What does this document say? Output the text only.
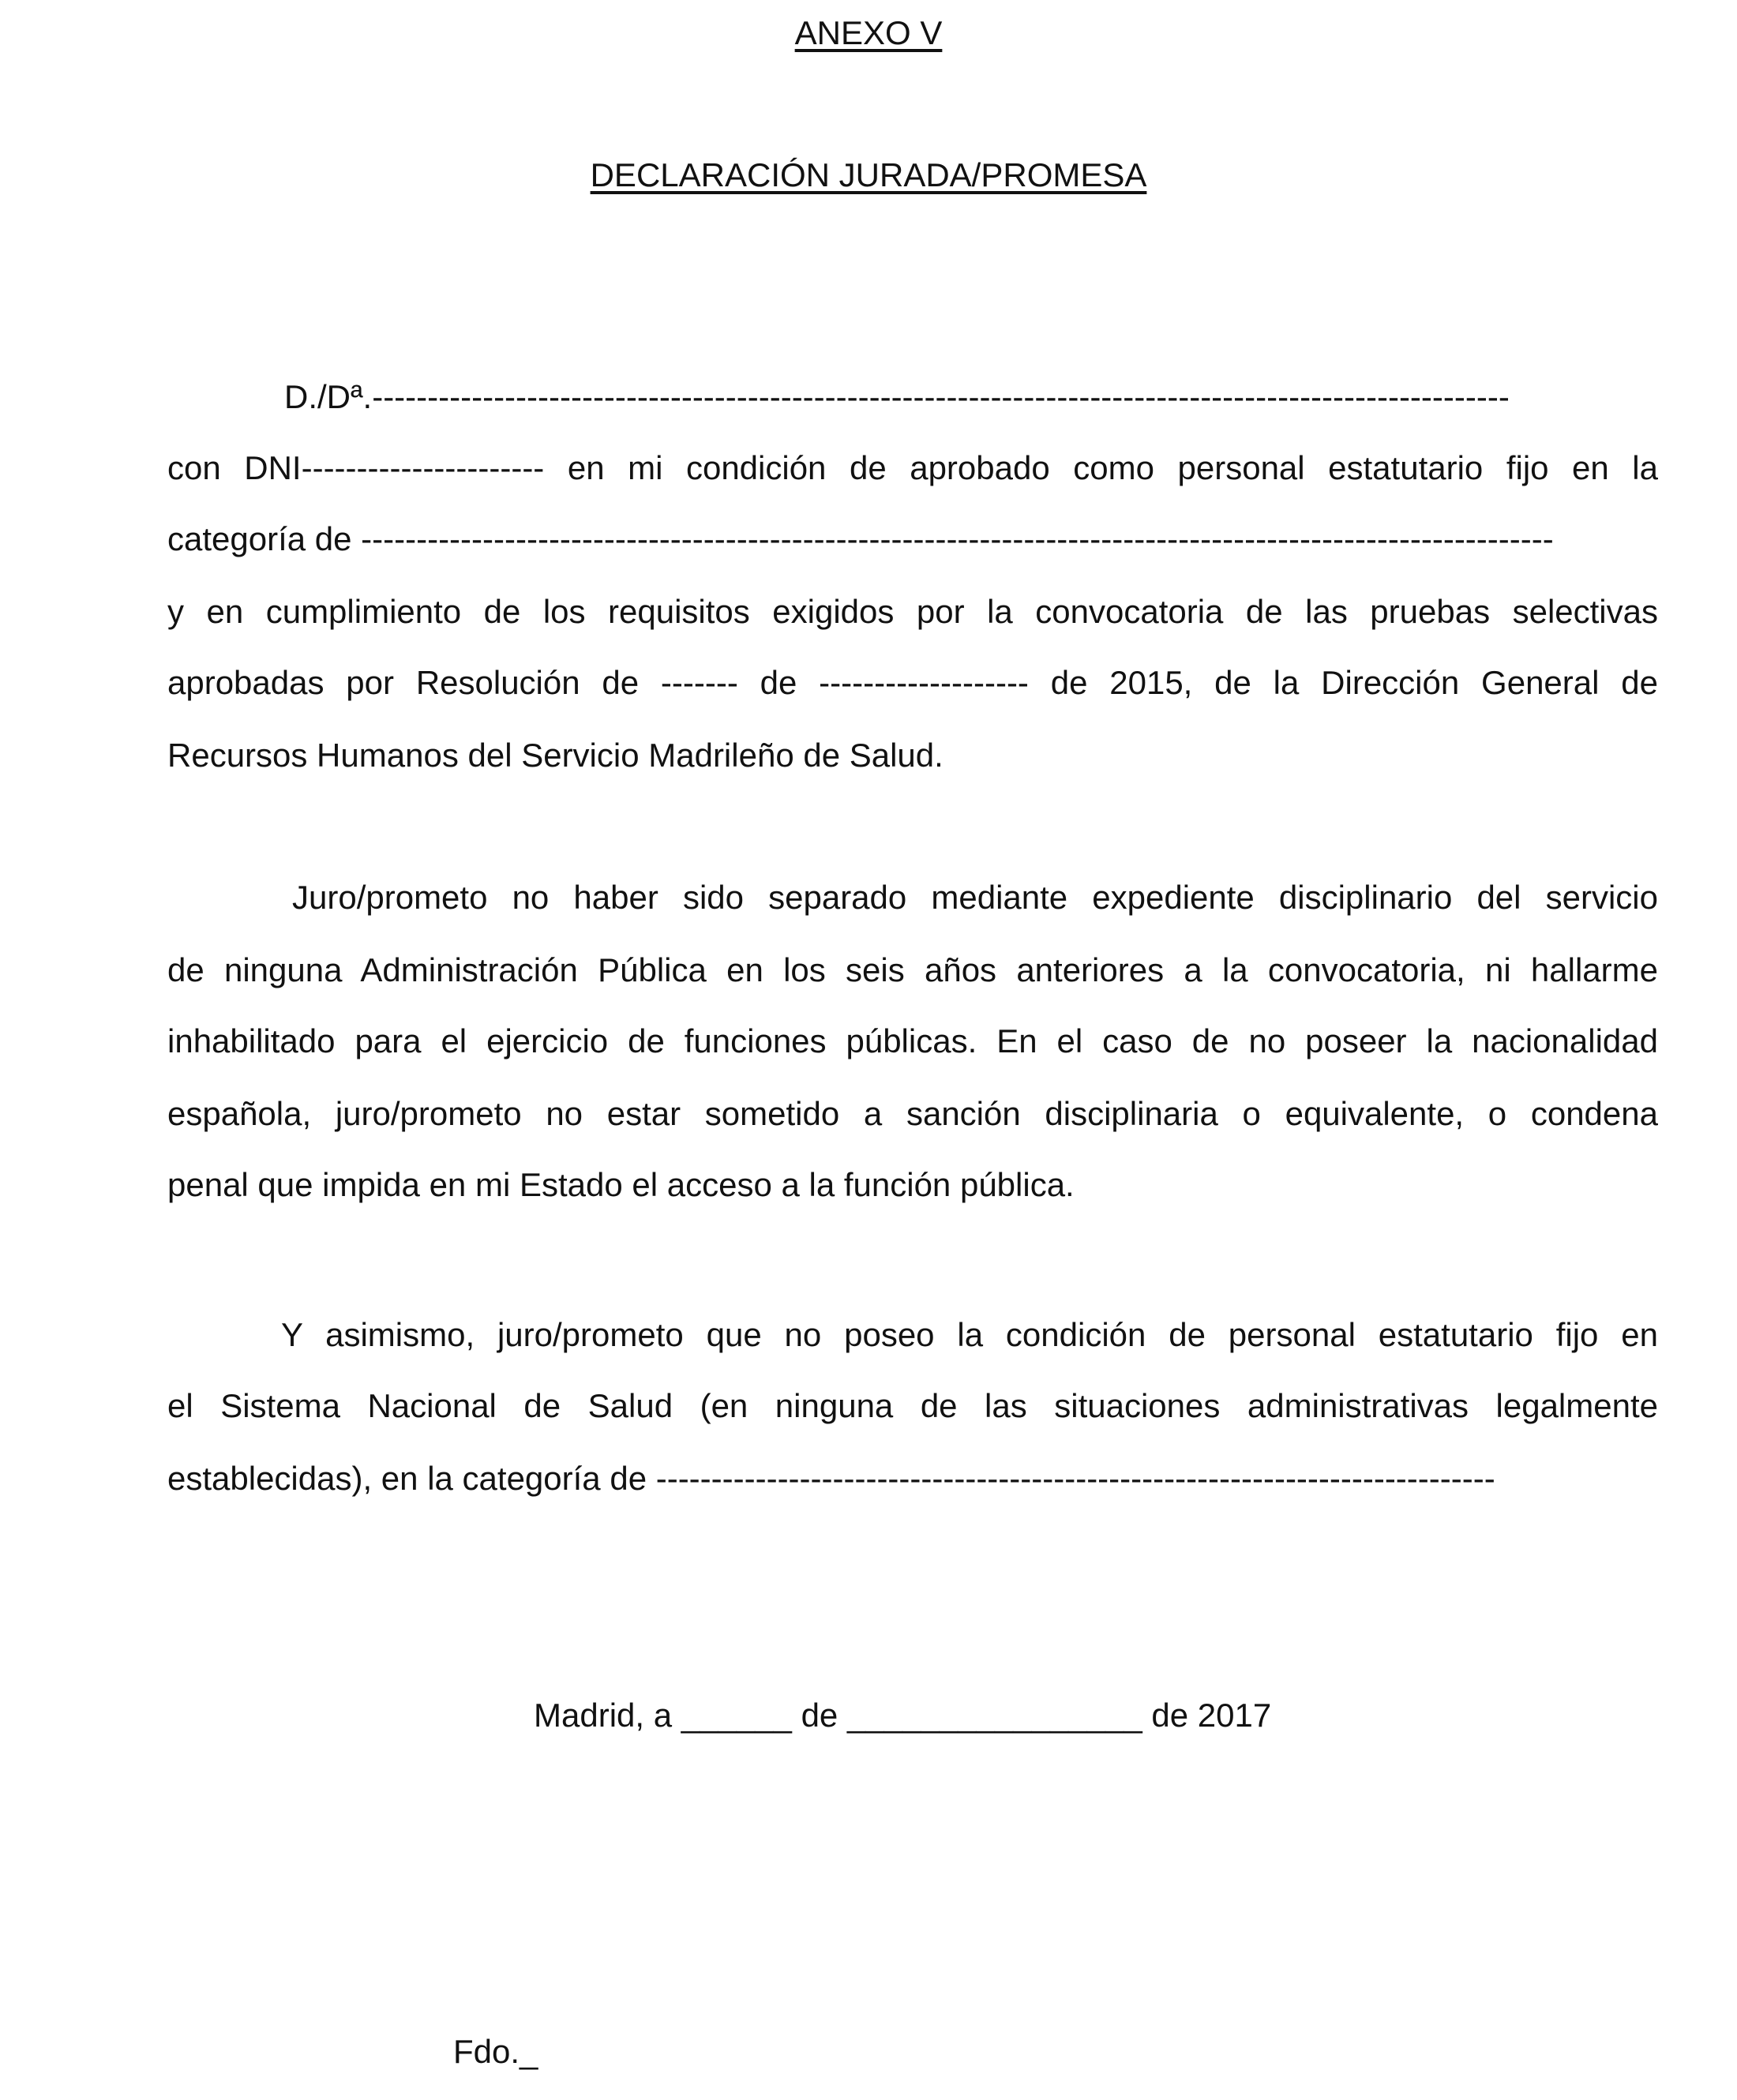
ANEXO V
DECLARACIÓN JURADA/PROMESA
D./Dª.-------------------------------------------------------------------------------------------------------
con DNI---------------------- en mi condición de aprobado como personal estatutario fijo en la
categoría de ------------------------------------------------------------------------------------------------------------
y en cumplimiento de los requisitos exigidos por la convocatoria de las pruebas selectivas
aprobadas por Resolución de ------- de ------------------- de 2015, de la Dirección General de
Recursos Humanos del Servicio Madrileño de Salud.
Juro/prometo no haber sido separado mediante expediente disciplinario del servicio
de ninguna Administración Pública en los seis años anteriores a la convocatoria, ni hallarme
inhabilitado para el ejercicio de funciones públicas. En el caso de no poseer la nacionalidad
española, juro/prometo no estar sometido a sanción disciplinaria o equivalente, o condena
penal que impida en mi Estado el acceso a la función pública.
Y asimismo, juro/prometo que no poseo la condición de personal estatutario fijo en
el Sistema Nacional de Salud (en ninguna de las situaciones administrativas legalmente
establecidas), en la categoría de ----------------------------------------------------------------------------
Madrid, a ______ de ________________ de 2017
Fdo._
